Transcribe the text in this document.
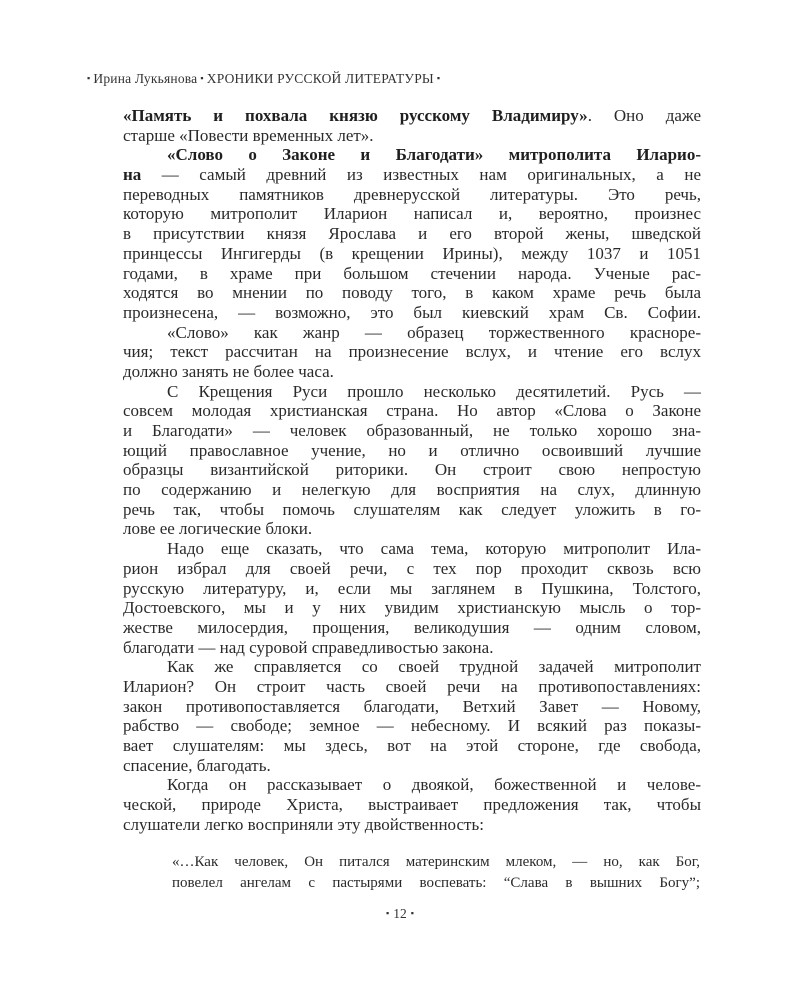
▪ Ирина Лукьянова ▪ ХРОНИКИ РУССКОЙ ЛИТЕРАТУРЫ ▪
«Память и похвала князю русскому Владимиру». Оно даже
старше «Повести временных лет».
«Слово о Законе и Благодати» митрополита Иларио-
на — самый древний из известных нам оригинальных, а не
переводных памятников древнерусской литературы. Это речь,
которую митрополит Иларион написал и, вероятно, произнес
в присутствии князя Ярослава и его второй жены, шведской
принцессы Ингигерды (в крещении Ирины), между 1037 и 1051
годами, в храме при большом стечении народа. Ученые рас-
ходятся во мнении по поводу того, в каком храме речь была
произнесена, — возможно, это был киевский храм Св. Софии.
«Слово» как жанр — образец торжественного красноре-
чия; текст рассчитан на произнесение вслух, и чтение его вслух
должно занять не более часа.
С Крещения Руси прошло несколько десятилетий. Русь —
совсем молодая христианская страна. Но автор «Слова о Законе
и Благодати» — человек образованный, не только хорошо зна-
ющий православное учение, но и отлично освоивший лучшие
образцы византийской риторики. Он строит свою непростую
по содержанию и нелегкую для восприятия на слух, длинную
речь так, чтобы помочь слушателям как следует уложить в го-
лове ее логические блоки.
Надо еще сказать, что сама тема, которую митрополит Ила-
рион избрал для своей речи, с тех пор проходит сквозь всю
русскую литературу, и, если мы заглянем в Пушкина, Толстого,
Достоевского, мы и у них увидим христианскую мысль о тор-
жестве милосердия, прощения, великодушия — одним словом,
благодати — над суровой справедливостью закона.
Как же справляется со своей трудной задачей митрополит
Иларион? Он строит часть своей речи на противопоставлениях:
закон противопоставляется благодати, Ветхий Завет — Новому,
рабство — свободе; земное — небесному. И всякий раз показы-
вает слушателям: мы здесь, вот на этой стороне, где свобода,
спасение, благодать.
Когда он рассказывает о двоякой, божественной и челове-
ческой, природе Христа, выстраивает предложения так, чтобы
слушатели легко восприняли эту двойственность:
«…Как человек, Он питался материнским млеком, — но, как Бог,
повелел ангелам с пастырями воспевать: “Слава в вышних Богу”;
▪ 12 ▪
